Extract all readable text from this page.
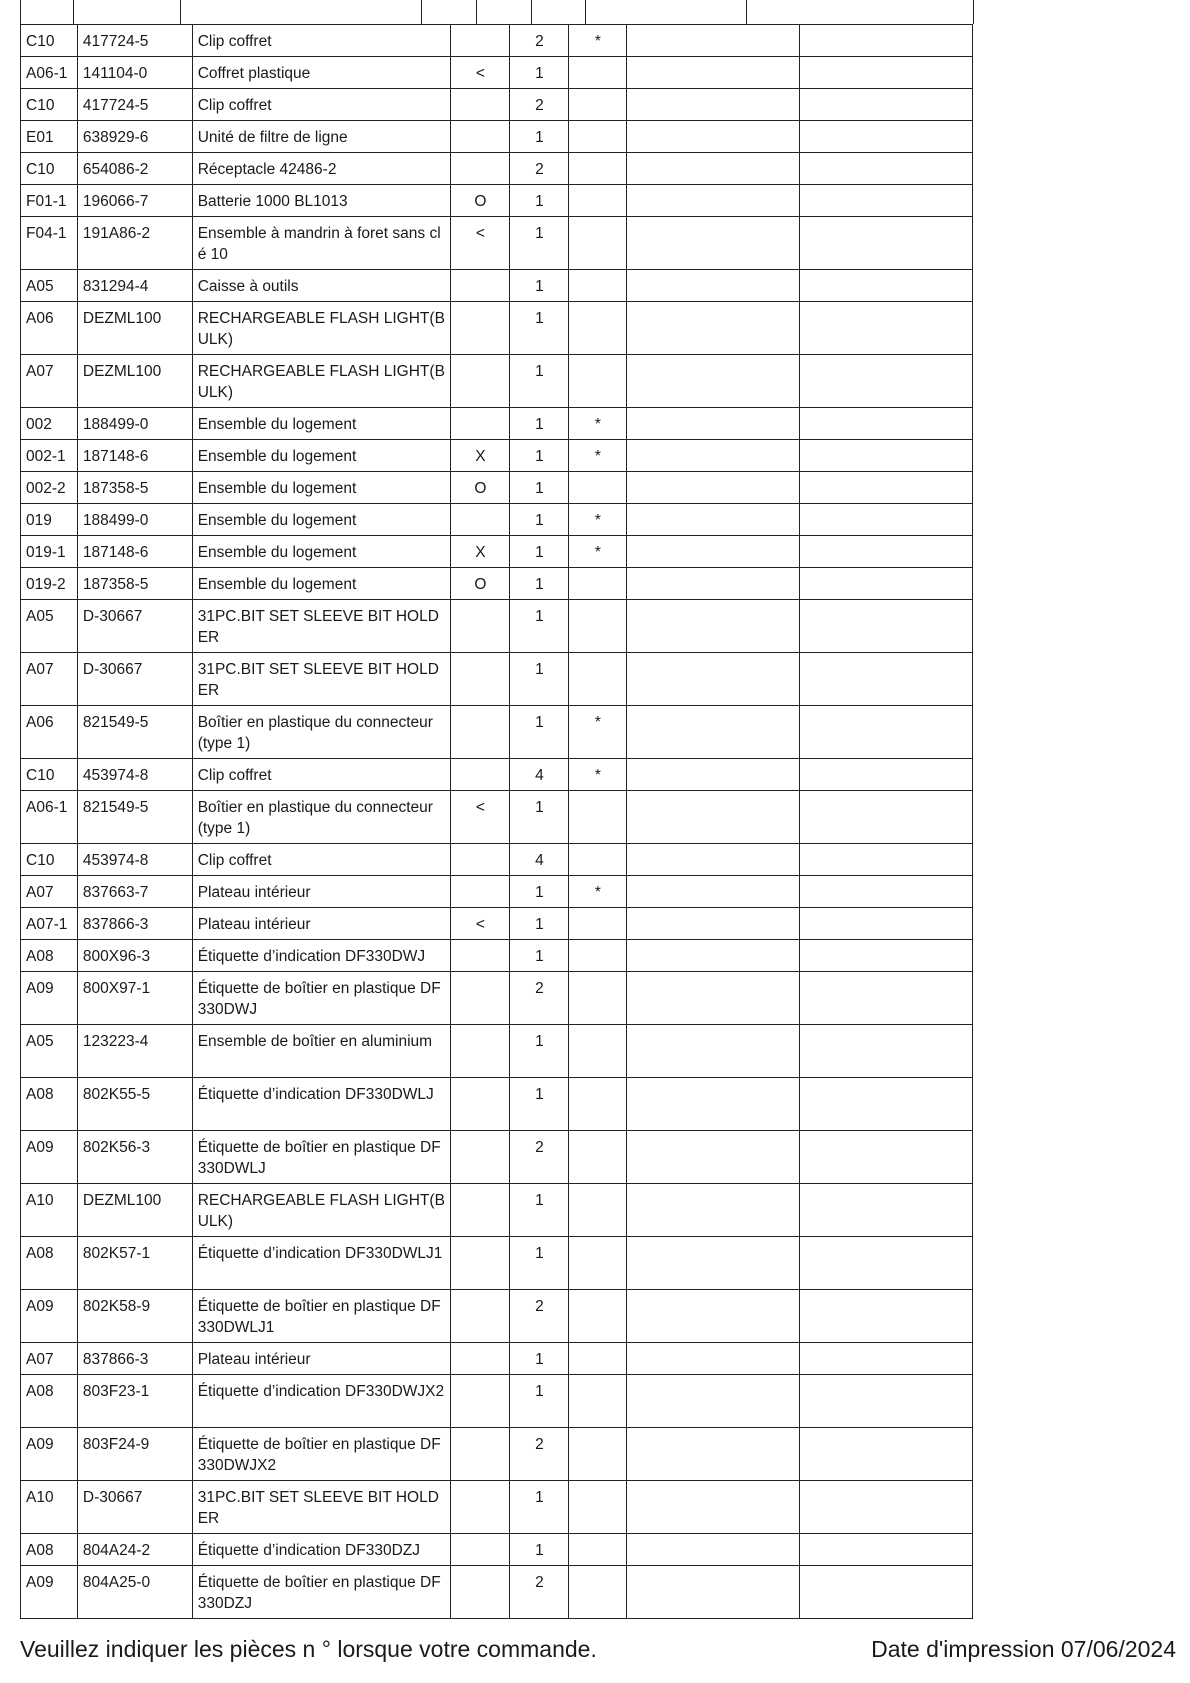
C10	417724-5	Clip coffret		2	*		
A06-1	141104-0	Coffret plastique	<	1			
C10	417724-5	Clip coffret		2			
E01	638929-6	Unité de filtre de ligne		1			
C10	654086-2	Réceptacle 42486-2		2			
F01-1	196066-7	Batterie 1000 BL1013	O	1			
F04-1	191A86-2	Ensemble à mandrin à foret sans clé 10	<	1			
A05	831294-4	Caisse à outils		1			
A06	DEZML100	RECHARGEABLE FLASH LIGHT(BULK)		1			
A07	DEZML100	RECHARGEABLE FLASH LIGHT(BULK)		1			
002	188499-0	Ensemble du logement		1	*		
002-1	187148-6	Ensemble du logement	X	1	*		
002-2	187358-5	Ensemble du logement	O	1			
019	188499-0	Ensemble du logement		1	*		
019-1	187148-6	Ensemble du logement	X	1	*		
019-2	187358-5	Ensemble du logement	O	1			
A05	D-30667	31PC.BIT SET SLEEVE BIT HOLDER		1			
A07	D-30667	31PC.BIT SET SLEEVE BIT HOLDER		1			
A06	821549-5	Boîtier en plastique du connecteur (type 1)		1	*		
C10	453974-8	Clip coffret		4	*		
A06-1	821549-5	Boîtier en plastique du connecteur (type 1)	<	1			
C10	453974-8	Clip coffret		4			
A07	837663-7	Plateau intérieur		1	*		
A07-1	837866-3	Plateau intérieur	<	1			
A08	800X96-3	Étiquette d’indication DF330DWJ		1			
A09	800X97-1	Étiquette de boîtier en plastique DF330DWJ		2			
A05	123223-4	Ensemble de boîtier en aluminium		1			
A08	802K55-5	Étiquette d’indication DF330DWLJ		1			
A09	802K56-3	Étiquette de boîtier en plastique DF330DWLJ		2			
A10	DEZML100	RECHARGEABLE FLASH LIGHT(BULK)		1			
A08	802K57-1	Étiquette d’indication DF330DWLJ1		1			
A09	802K58-9	Étiquette de boîtier en plastique DF330DWLJ1		2			
A07	837866-3	Plateau intérieur		1			
A08	803F23-1	Étiquette d’indication DF330DWJX2		1			
A09	803F24-9	Étiquette de boîtier en plastique DF330DWJX2		2			
A10	D-30667	31PC.BIT SET SLEEVE BIT HOLDER		1			
A08	804A24-2	Étiquette d’indication DF330DZJ		1			
A09	804A25-0	Étiquette de boîtier en plastique DF330DZJ		2			
Veuillez indiquer les pièces n ° lorsque votre commande.	Date d'impression 07/06/2024
